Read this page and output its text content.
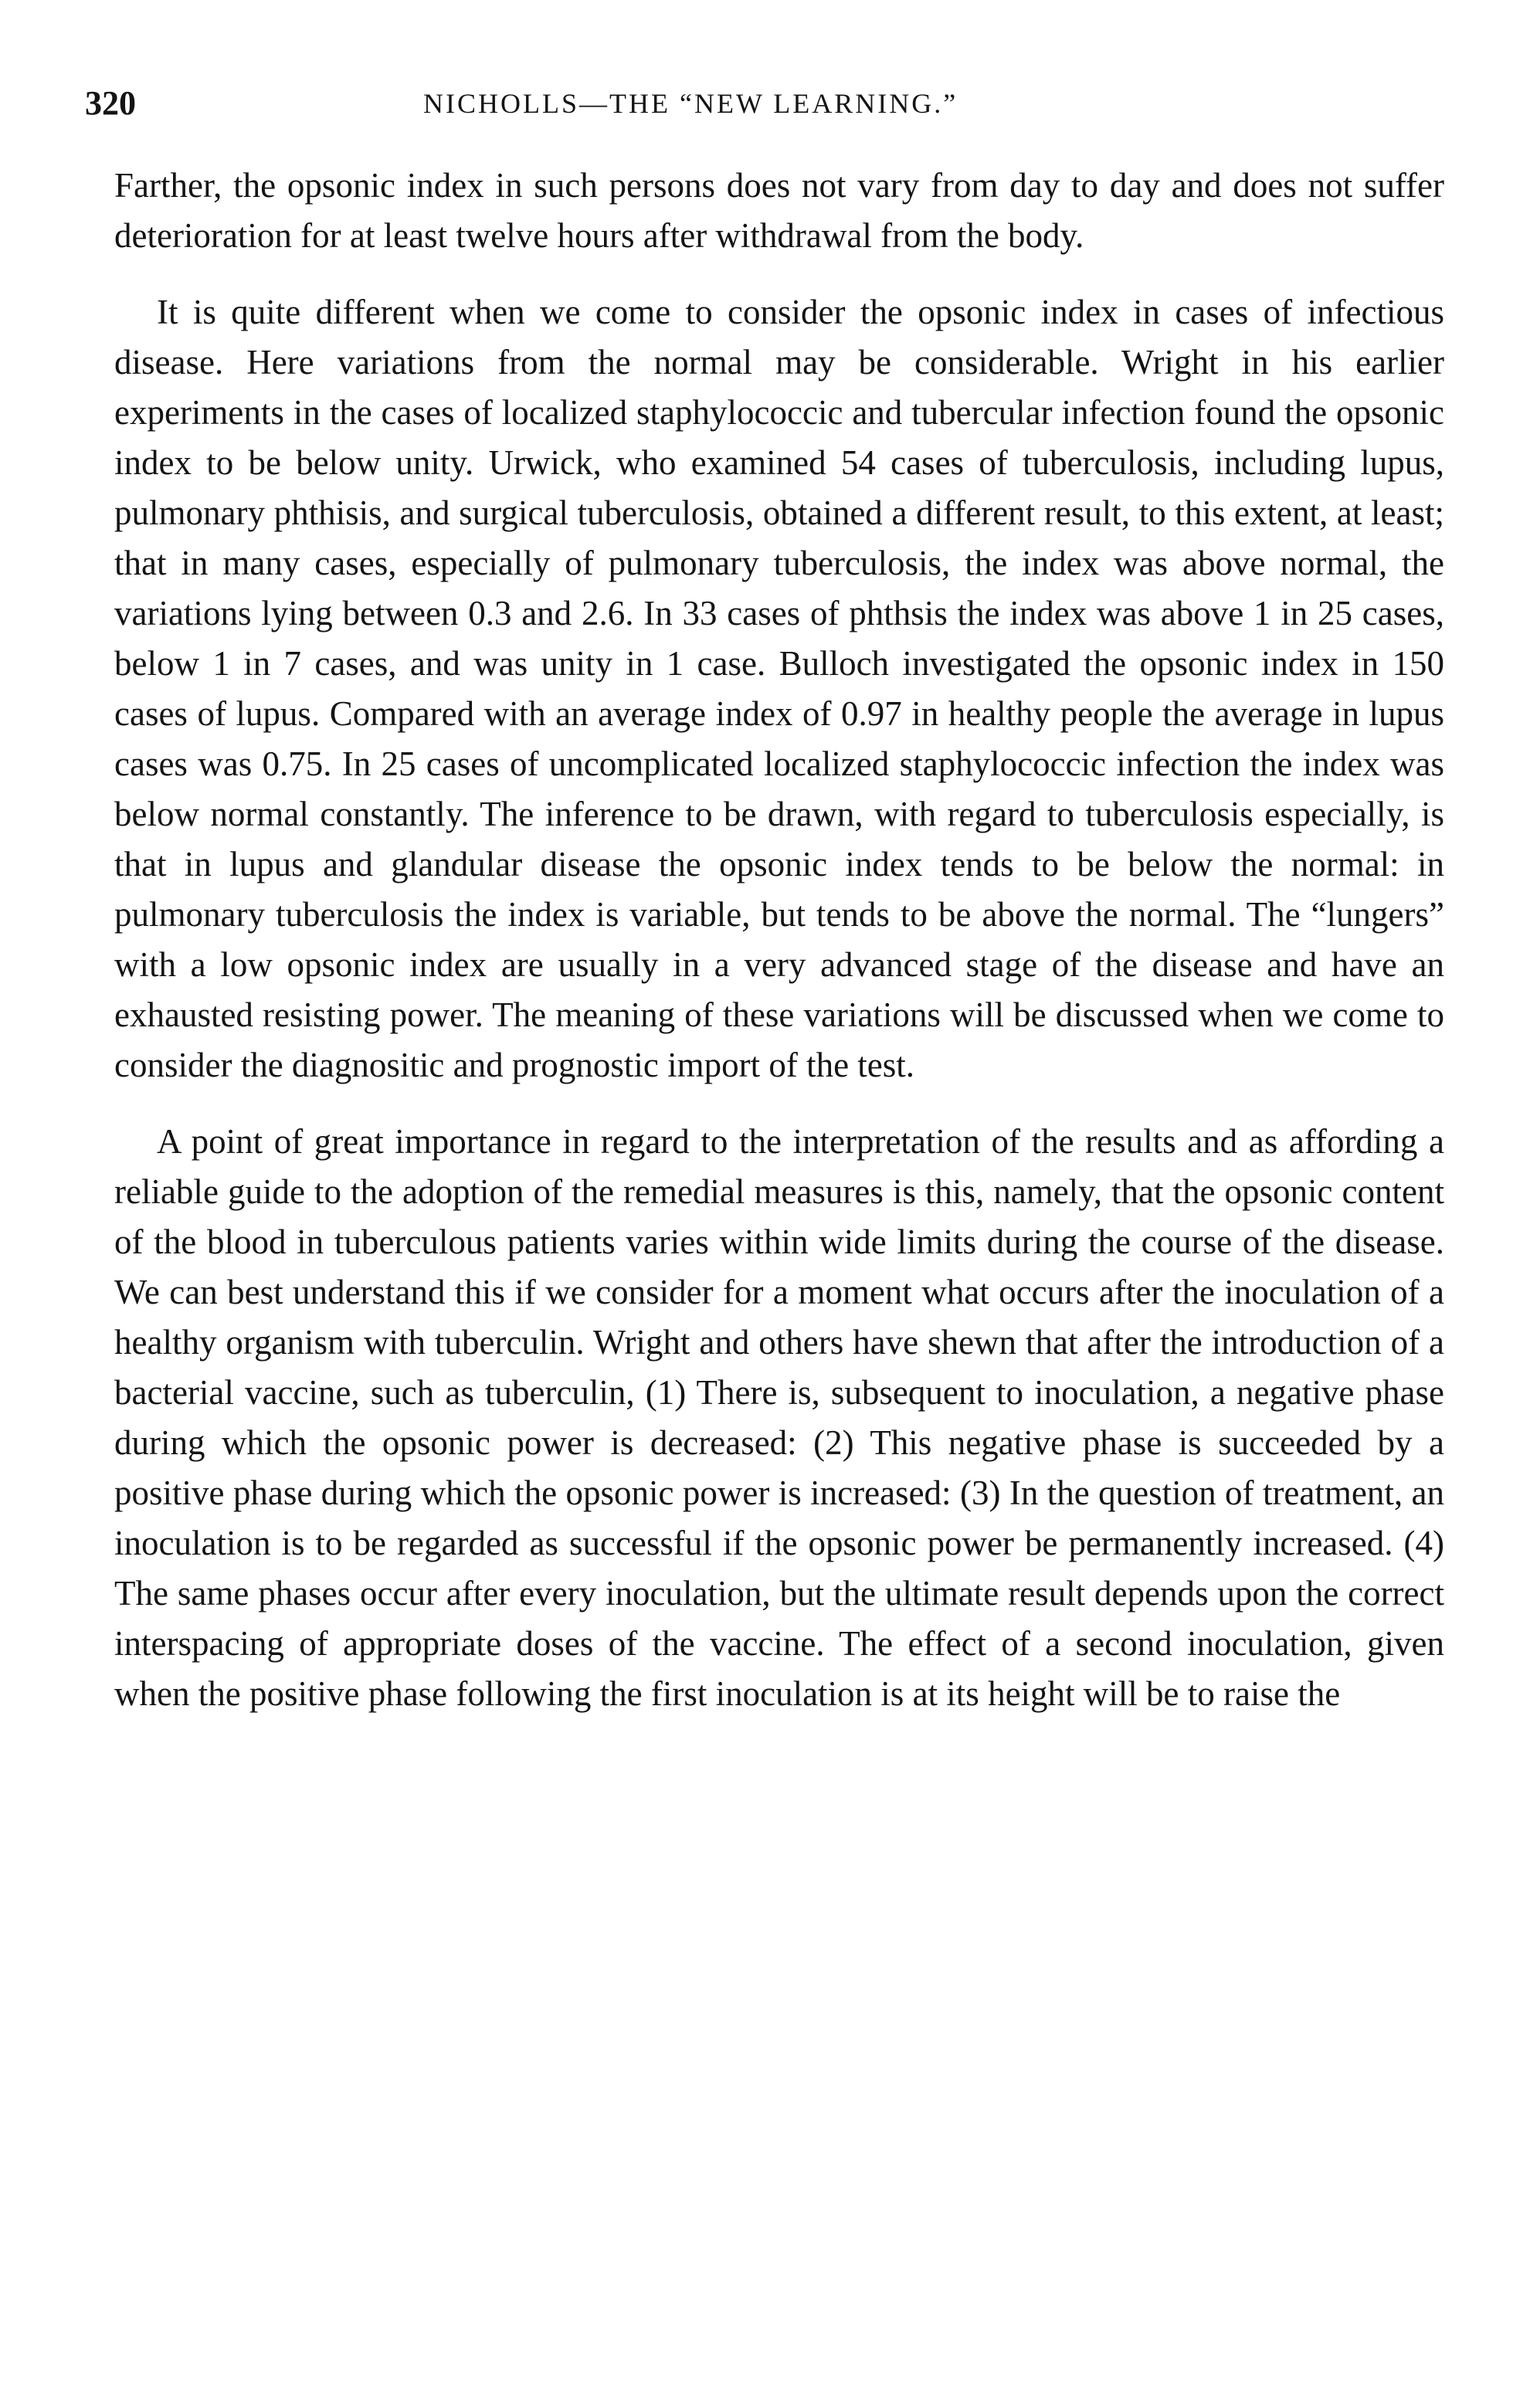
320	NICHOLLS—THE “NEW LEARNING.”

Farther, the opsonic index in such persons does not vary from day to day and does not suffer deterioration for at least twelve hours after withdrawal from the body.

It is quite different when we come to consider the opsonic index in cases of infectious disease. Here variations from the normal may be considerable. Wright in his earlier experiments in the cases of localized staphylococcic and tubercular infection found the opsonic index to be below unity. Urwick, who examined 54 cases of tuberculosis, including lupus, pulmonary phthisis, and surgical tuberculosis, obtained a different result, to this extent, at least; that in many cases, especially of pulmonary tuberculosis, the index was above normal, the variations lying between 0.3 and 2.6. In 33 cases of phthsis the index was above 1 in 25 cases, below 1 in 7 cases, and was unity in 1 case. Bulloch investigated the opsonic index in 150 cases of lupus. Compared with an average index of 0.97 in healthy people the average in lupus cases was 0.75. In 25 cases of uncomplicated localized staphylococcic infection the index was below normal constantly. The inference to be drawn, with regard to tuberculosis especially, is that in lupus and glandular disease the opsonic index tends to be below the normal: in pulmonary tuberculosis the index is variable, but tends to be above the normal. The “lungers” with a low opsonic index are usually in a very advanced stage of the disease and have an exhausted resisting power. The meaning of these variations will be discussed when we come to consider the diagnositic and prognostic import of the test.

A point of great importance in regard to the interpretation of the results and as affording a reliable guide to the adoption of the remedial measures is this, namely, that the opsonic content of the blood in tuberculous patients varies within wide limits during the course of the disease. We can best understand this if we consider for a moment what occurs after the inoculation of a healthy organism with tuberculin. Wright and others have shewn that after the introduction of a bacterial vaccine, such as tuberculin, (1) There is, subsequent to inoculation, a negative phase during which the opsonic power is decreased: (2) This negative phase is succeeded by a positive phase during which the opsonic power is increased: (3) In the question of treatment, an inoculation is to be regarded as successful if the opsonic power be permanently increased. (4) The same phases occur after every inoculation, but the ultimate result depends upon the correct interspacing of appropriate doses of the vaccine. The effect of a second inoculation, given when the positive phase following the first inoculation is at its height will be to raise the
